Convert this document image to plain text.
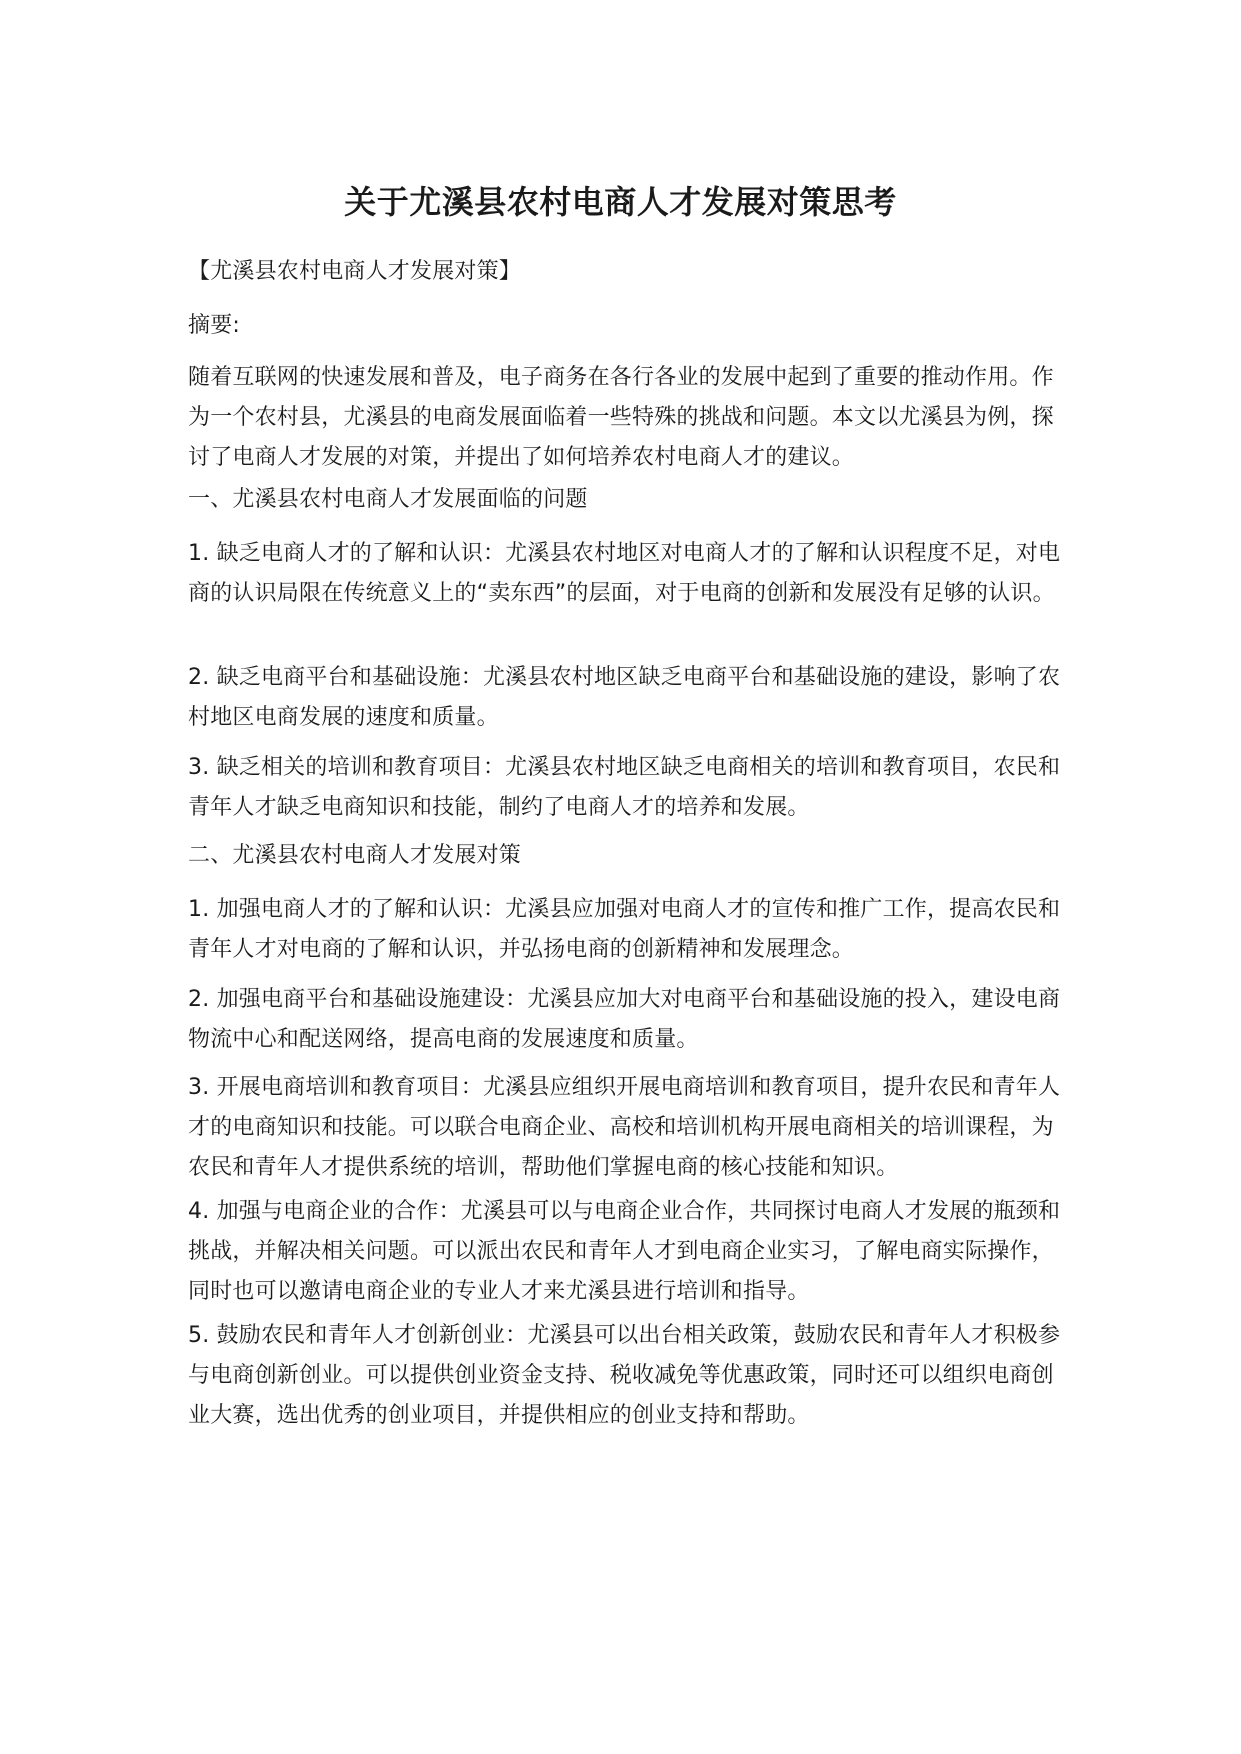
关于尤溪县农村电商人才发展对策思考

【尤溪县农村电商人才发展对策】

摘要:

随着互联网的快速发展和普及，电子商务在各行各业的发展中起到了重要的推动作用。作为一个农村县，尤溪县的电商发展面临着一些特殊的挑战和问题。本文以尤溪县为例，探讨了电商人才发展的对策，并提出了如何培养农村电商人才的建议。

一、尤溪县农村电商人才发展面临的问题

1. 缺乏电商人才的了解和认识：尤溪县农村地区对电商人才的了解和认识程度不足，对电商的认识局限在传统意义上的“卖东西”的层面，对于电商的创新和发展没有足够的认识。

2. 缺乏电商平台和基础设施：尤溪县农村地区缺乏电商平台和基础设施的建设，影响了农村地区电商发展的速度和质量。

3. 缺乏相关的培训和教育项目：尤溪县农村地区缺乏电商相关的培训和教育项目，农民和青年人才缺乏电商知识和技能，制约了电商人才的培养和发展。

二、尤溪县农村电商人才发展对策

1. 加强电商人才的了解和认识：尤溪县应加强对电商人才的宣传和推广工作，提高农民和青年人才对电商的了解和认识，并弘扬电商的创新精神和发展理念。

2. 加强电商平台和基础设施建设：尤溪县应加大对电商平台和基础设施的投入，建设电商物流中心和配送网络，提高电商的发展速度和质量。

3. 开展电商培训和教育项目：尤溪县应组织开展电商培训和教育项目，提升农民和青年人才的电商知识和技能。可以联合电商企业、高校和培训机构开展电商相关的培训课程，为农民和青年人才提供系统的培训，帮助他们掌握电商的核心技能和知识。

4. 加强与电商企业的合作：尤溪县可以与电商企业合作，共同探讨电商人才发展的瓶颈和挑战，并解决相关问题。可以派出农民和青年人才到电商企业实习，了解电商实际操作，同时也可以邀请电商企业的专业人才来尤溪县进行培训和指导。

5. 鼓励农民和青年人才创新创业：尤溪县可以出台相关政策，鼓励农民和青年人才积极参与电商创新创业。可以提供创业资金支持、税收减免等优惠政策，同时还可以组织电商创业大赛，选出优秀的创业项目，并提供相应的创业支持和帮助。
